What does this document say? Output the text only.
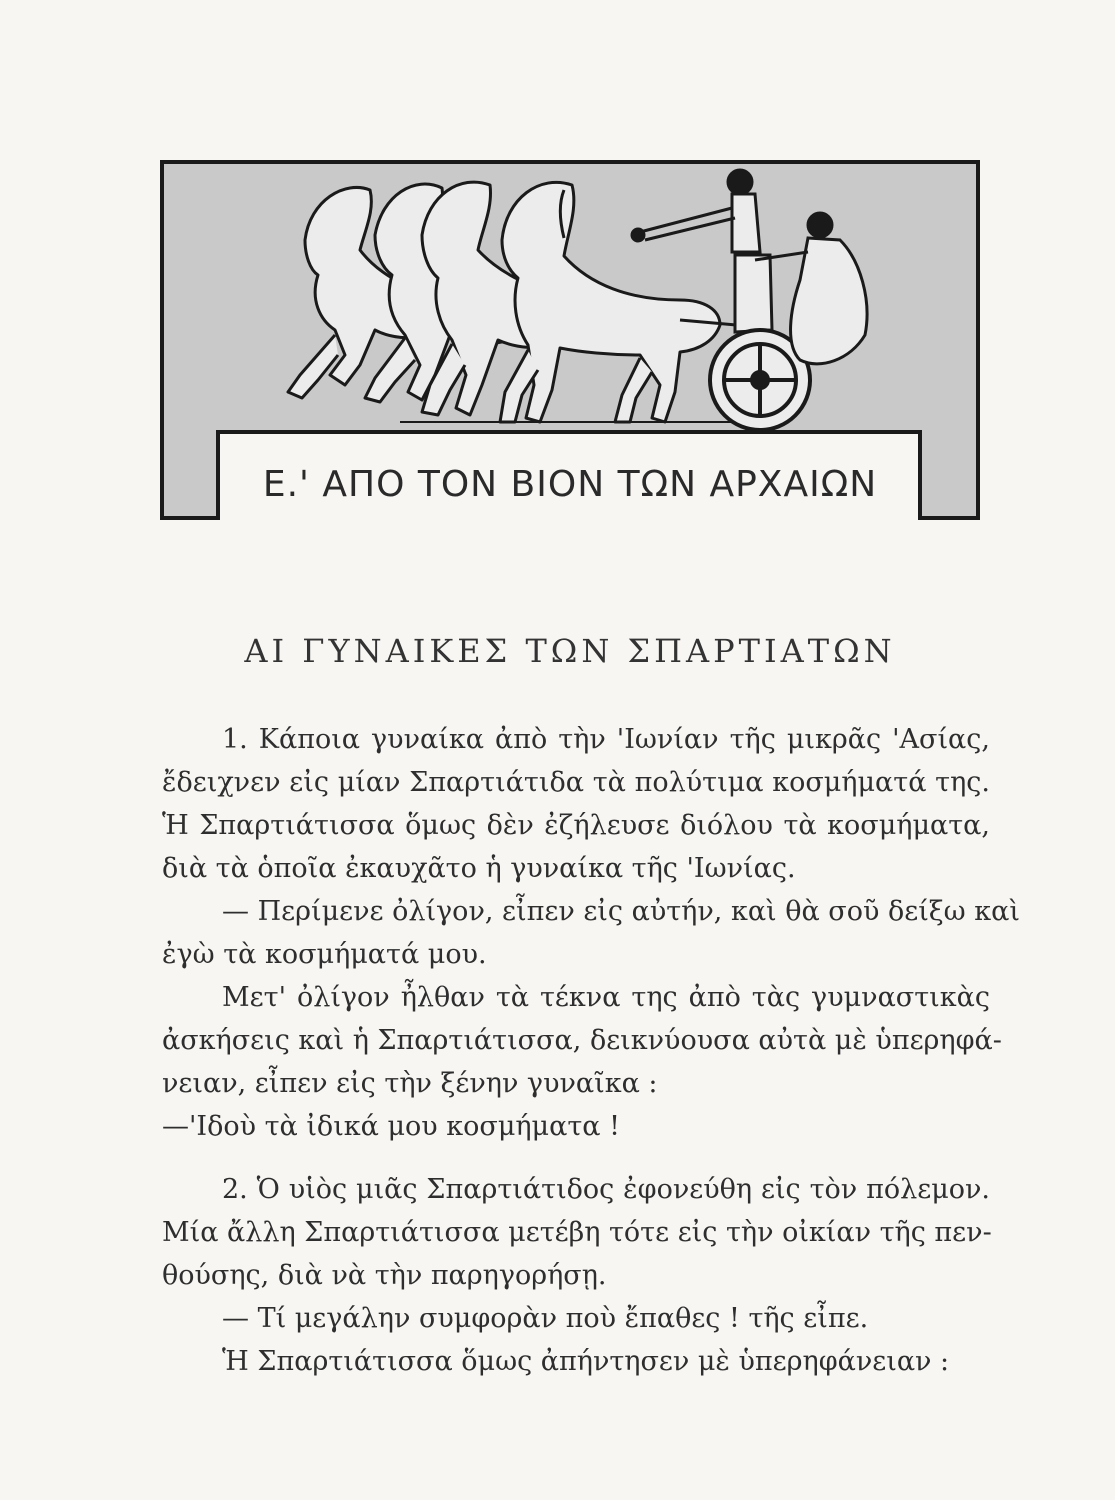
Ε.' ΑΠΟ ΤΟΝ ΒΙΟΝ ΤΩΝ ΑΡΧΑΙΩΝ
ΑΙ ΓΥΝΑΙΚΕΣ ΤΩΝ ΣΠΑΡΤΙΑΤΩΝ
1. Κάποια γυναίκα ἀπὸ τὴν 'Ιωνίαν τῆς μικρᾶς 'Ασίας,
ἔδειχνεν εἰς μίαν Σπαρτιάτιδα τὰ πολύτιμα κοσμήματά της.
Ἡ Σπαρτιάτισσα ὅμως δὲν ἐζήλευσε διόλου τὰ κοσμήματα,
διὰ τὰ ὁποῖα ἐκαυχᾶτο ἡ γυναίκα τῆς 'Ιωνίας.
— Περίμενε ὀλίγον, εἶπεν εἰς αὐτήν, καὶ θὰ σοῦ δείξω καὶ
ἐγὼ τὰ κοσμήματά μου.
Μετ' ὀλίγον ἦλθαν τὰ τέκνα της ἀπὸ τὰς γυμναστικὰς
ἀσκήσεις καὶ ἡ Σπαρτιάτισσα, δεικνύουσα αὐτὰ μὲ ὑπερηφά-
νειαν, εἶπεν εἰς τὴν ξένην γυναῖκα :
—'Ιδοὺ τὰ ἰδικά μου κοσμήματα !
2. Ὁ υἱὸς μιᾶς Σπαρτιάτιδος ἐφονεύθη εἰς τὸν πόλεμον.
Μία ἄλλη Σπαρτιάτισσα μετέβη τότε εἰς τὴν οἰκίαν τῆς πεν-
θούσης, διὰ νὰ τὴν παρηγορήσῃ.
— Τί μεγάλην συμφορὰν ποὺ ἔπαθες ! τῆς εἶπε.
Ἡ Σπαρτιάτισσα ὅμως ἀπήντησεν μὲ ὑπερηφάνειαν :
